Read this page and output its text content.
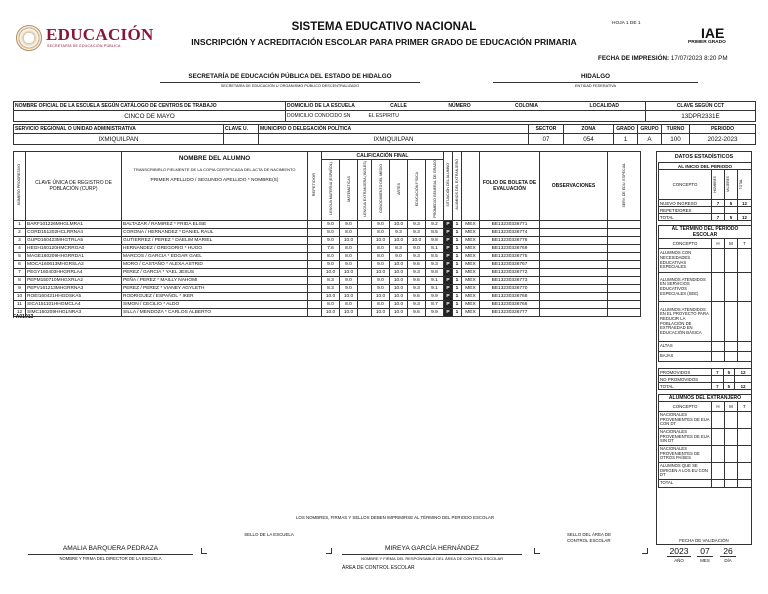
EDUCACIÓN
SECRETARÍA DE EDUCACIÓN PÚBLICA
SISTEMA EDUCATIVO NACIONAL
INSCRIPCIÓN Y ACREDITACIÓN ESCOLAR PARA PRIMER GRADO DE EDUCACIÓN PRIMARIA
HOJA 1 DE 1
IAE
PRIMER GRADO
FECHA DE IMPRESIÓN: 17/07/2023 8:20 PM
SECRETARÍA DE EDUCACIÓN PÚBLICA DEL ESTADO DE HIDALGO
SECRETARÍA DE EDUCACIÓN U ORGANISMO PÚBLICO DESCENTRALIZADO
HIDALGO
ENTIDAD FEDERATIVA
NOMBRE OFICIAL DE LA ESCUELA SEGÚN CATÁLOGO DE CENTROS DE TRABAJO	DOMICILIO DE LA ESCUELA	CALLE	NÚMERO	COLONIA	LOCALIDAD	CLAVE SEGÚN CCT
CINCO DE MAYO	DOMICILIO CONOCIDO SN	EL ESPIRITU				13DPR2331E
SERVICIO REGIONAL O UNIDAD ADMINISTRATIVA	CLAVE U.	MUNICIPIO O DELEGACIÓN POLÍTICA	SECTOR	ZONA	GRADO	GRUPO	TURNO	PERIODO
IXMIQUILPAN		IXMIQUILPAN	07	054	1	A	100	2022-2023
NÚMERO PROGRESIVO	CLAVE ÚNICA DE REGISTRO DE POBLACIÓN (CURP)	NOMBRE DEL ALUMNO
TRANSCRIBIRLO FIELMENTE DE LA COPIA CERTIFICADA DEL ACTA DE NACIMIENTO
PRIMER APELLIDO / SEGUNDO APELLIDO * NOMBRE(S)	REPETIDOR	CALIFICACIÓN FINAL							SITUACIÓN DEL ALUMNO	ALUMNOS DEL EXTRANJERO		FOLIO DE BOLETA DE EVALUACIÓN	OBSERVACIONES	SERV. DE EDU. ESPECIAL
				LENGUA MATERNA (ESPAÑOL)	MATEMÁTICAS	LENGUA EXTRANJERA (INGLÉS)	CONOCIMIENTO DEL MEDIO	ARTES	EDUCACIÓN FÍSICA	PROMEDIO GENERAL DE GRADO						
1	BARF101226MHGLMRA1	BALTAZAR / RAMIREZ * FRIDA ELISE		9.0	9.0		9.0	10.0	9.3	9.2	P	1	MEX	BE13230336771		
2	CORD151202HCLRRNA4	CORONA / HERNANDEZ * DANIEL RAUL		8.0	8.0		8.0	9.3	9.3	8.5	P	1	MEX	BE13230336774		
3	GUPD160423MHGTRLA5	GUTIERREZ / PEREZ * DAELIM MARIEL		9.0	10.0		10.0	10.0	10.0	9.8	P	1	MEX	BE13230336776		
4	HEGH160120HMCRRGA0	HERNANDEZ / GREGORIO * HUGO		7.6	8.0		8.0	8.3	9.0	8.1	P	1	MEX	BE13230336769		
5	MAGE160209HHGRRDA1	MARCOS / GARCIA * EDGAR GAEL		8.0	8.0		8.0	9.0	9.3	8.5	P	1	MEX	BE13230336775		
6	MOCA160613MHGRSLA2	MORO / CASTAÑO * ALEXA ASTRID		9.0	9.0		9.0	10.0	9.6	9.3	P	1	MEX	BE13230336767		
7	PEGY160403HHGRRLA4	PEREZ / GARCIA * YAEL JESUS		10.0	10.0		10.0	10.0	9.3	9.8	P	1	MEX	BE13230336772		
8	PEPM150710MHGXRLA2	PEÑA / PEREZ * MAILLY NAHOMI		8.3	9.0		9.0	10.0	9.6	9.1	P	1	MEX	BE13230336773		
9	PEPV161213MHGRRNA3	PEREZ / PEREZ * VIANEY AGYLETH		8.3	9.0		9.0	10.0	9.3	9.1	P	1	MEX	BE13230336770		
10	ROEI160421HHGDSKA5	RODRIGUEZ / ESPAÑOL * IKER		10.0	10.0		10.0	10.0	9.6	9.9	P	1	MEX	BE13230336768		
11	SICA151101HHGMCLA4	SIMON / CECILIO * ALDO		8.0	8.0		8.0	10.0	9.3	8.7	P	1	MEX	BE13230336766		
12	SIMC160209HHGLNRA3	SILLA / MENDOZA * CARLOS ALBERTO		10.0	10.0		10.0	10.0	9.6	9.9	P	1	MEX	BE13230336777		
FA01913
DATOS ESTADÍSTICOS
AL INICIO DEL PERIODO			
CONCEPTO	HOMBRES	MUJERES	TOTAL
NUEVO INGRESO	7	5	12
REPETIDORES			
TOTAL	7	5	12
AL TÉRMINO DEL PERIODO ESCOLAR			
CONCEPTO	H	M	T
ALUMNOS CON NECESIDADES EDUCATIVAS ESPECIALES			
ALUMNOS ATENDIDOS EN SERVICIOS EDUCATIVOS ESPECIALES (SEE)			
ALUMNOS ATENDIDOS EN EL PROYECTO PARA REDUCIR LA POBLACIÓN DE EXTRAEDAD EN EDUCACIÓN BÁSICA			
ALTAS			
BAJAS			
PROMOVIDOS	7	5	12
NO PROMOVIDOS			
TOTAL	7	5	12
ALUMNOS DEL EXTRANJERO			
CONCEPTO	H	M	T
NACIONALES PROVENIENTES DE EUA CON DT			
NACIONALES PROVENIENTES DE EUA SIN DT			
NACIONALES PROVENIENTES DE OTROS PAÍSES			
ALUMNOS QUE SE DIRIGEN A LOS EU CON DT			
TOTAL			
FECHA DE VALIDACIÓN
2023	07	26
AÑO	MES	DÍA
LOS NOMBRES, FIRMAS Y SELLOS DEBEN IMPRIMIRSE AL TÉRMINO DEL PERIODO ESCOLAR
AMALIA BARQUERA PEDRAZA
NOMBRE Y FIRMA DEL DIRECTOR DE LA ESCUELA
SELLO DE LA ESCUELA
MIREYA GARCÍA HERNÁNDEZ
NOMBRE Y FIRMA DEL RESPONSABLE DEL ÁREA DE CONTROL ESCOLAR
ÁREA DE CONTROL ESCOLAR
SELLO DEL ÁREA DE CONTROL ESCOLAR
